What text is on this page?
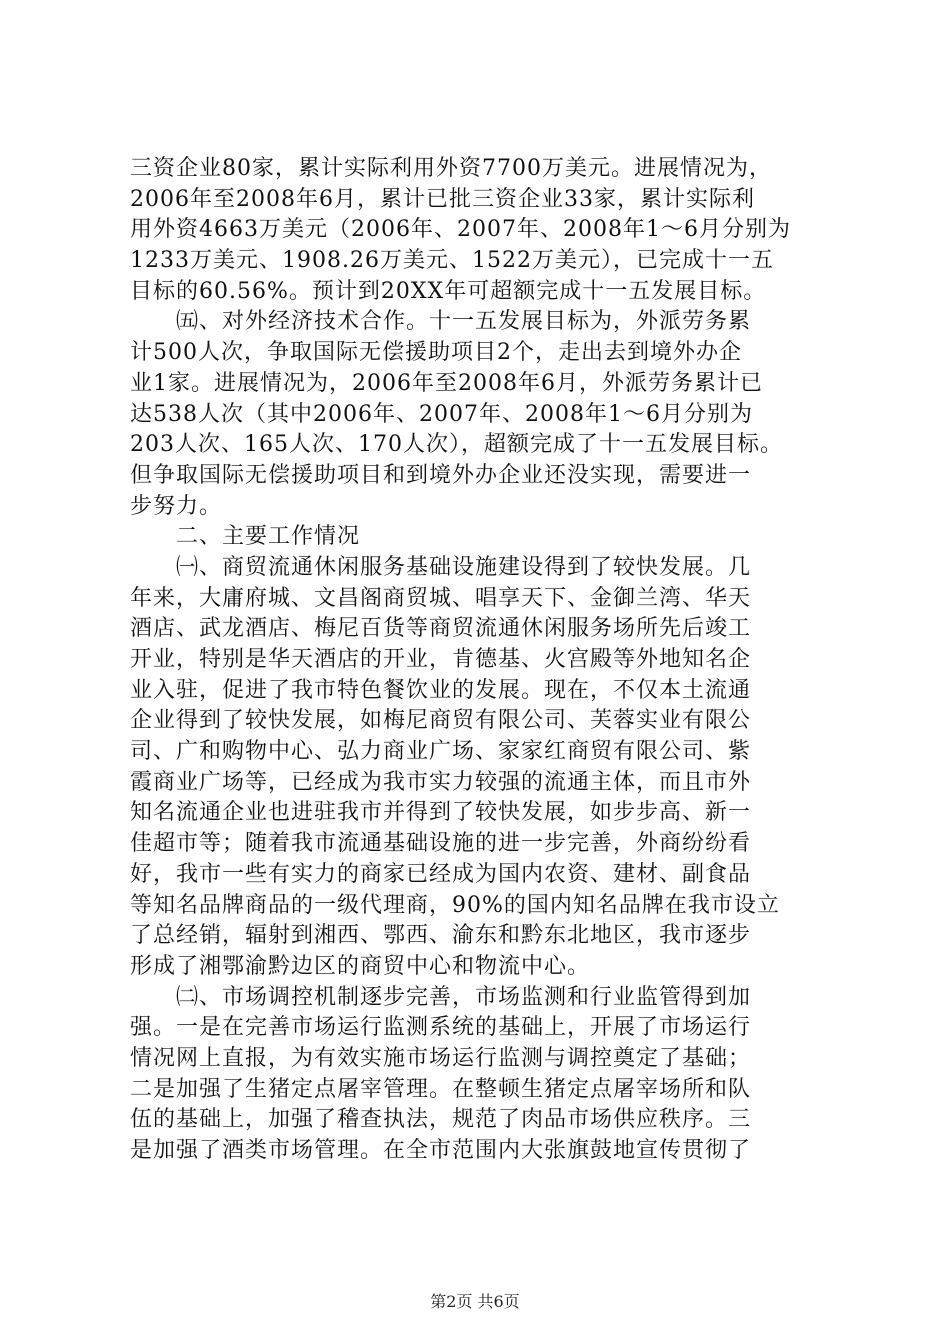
三资企业80家，累计实际利用外资7700万美元。进展情况为，
2006年至2008年6月，累计已批三资企业33家，累计实际利
用外资4663万美元（2006年、2007年、2008年1～6月分别为
1233万美元、1908.26万美元、1522万美元），已完成十一五
目标的60.56%。预计到20XX年可超额完成十一五发展目标。
㈤、对外经济技术合作。十一五发展目标为，外派劳务累
计500人次，争取国际无偿援助项目2个，走出去到境外办企
业1家。进展情况为，2006年至2008年6月，外派劳务累计已
达538人次（其中2006年、2007年、2008年1～6月分别为
203人次、165人次、170人次），超额完成了十一五发展目标。
但争取国际无偿援助项目和到境外办企业还没实现，需要进一
步努力。
二、主要工作情况
㈠、商贸流通休闲服务基础设施建设得到了较快发展。几
年来，大庸府城、文昌阁商贸城、唱享天下、金御兰湾、华天
酒店、武龙酒店、梅尼百货等商贸流通休闲服务场所先后竣工
开业，特别是华天酒店的开业，肯德基、火宫殿等外地知名企
业入驻，促进了我市特色餐饮业的发展。现在，不仅本土流通
企业得到了较快发展，如梅尼商贸有限公司、芙蓉实业有限公
司、广和购物中心、弘力商业广场、家家红商贸有限公司、紫
霞商业广场等，已经成为我市实力较强的流通主体，而且市外
知名流通企业也进驻我市并得到了较快发展，如步步高、新一
佳超市等；随着我市流通基础设施的进一步完善，外商纷纷看
好，我市一些有实力的商家已经成为国内农资、建材、副食品
等知名品牌商品的一级代理商，90%的国内知名品牌在我市设立
了总经销，辐射到湘西、鄂西、渝东和黔东北地区，我市逐步
形成了湘鄂渝黔边区的商贸中心和物流中心。
㈡、市场调控机制逐步完善，市场监测和行业监管得到加
强。一是在完善市场运行监测系统的基础上，开展了市场运行
情况网上直报，为有效实施市场运行监测与调控奠定了基础；
二是加强了生猪定点屠宰管理。在整顿生猪定点屠宰场所和队
伍的基础上，加强了稽查执法，规范了肉品市场供应秩序。三
是加强了酒类市场管理。在全市范围内大张旗鼓地宣传贯彻了
第2页 共6页
